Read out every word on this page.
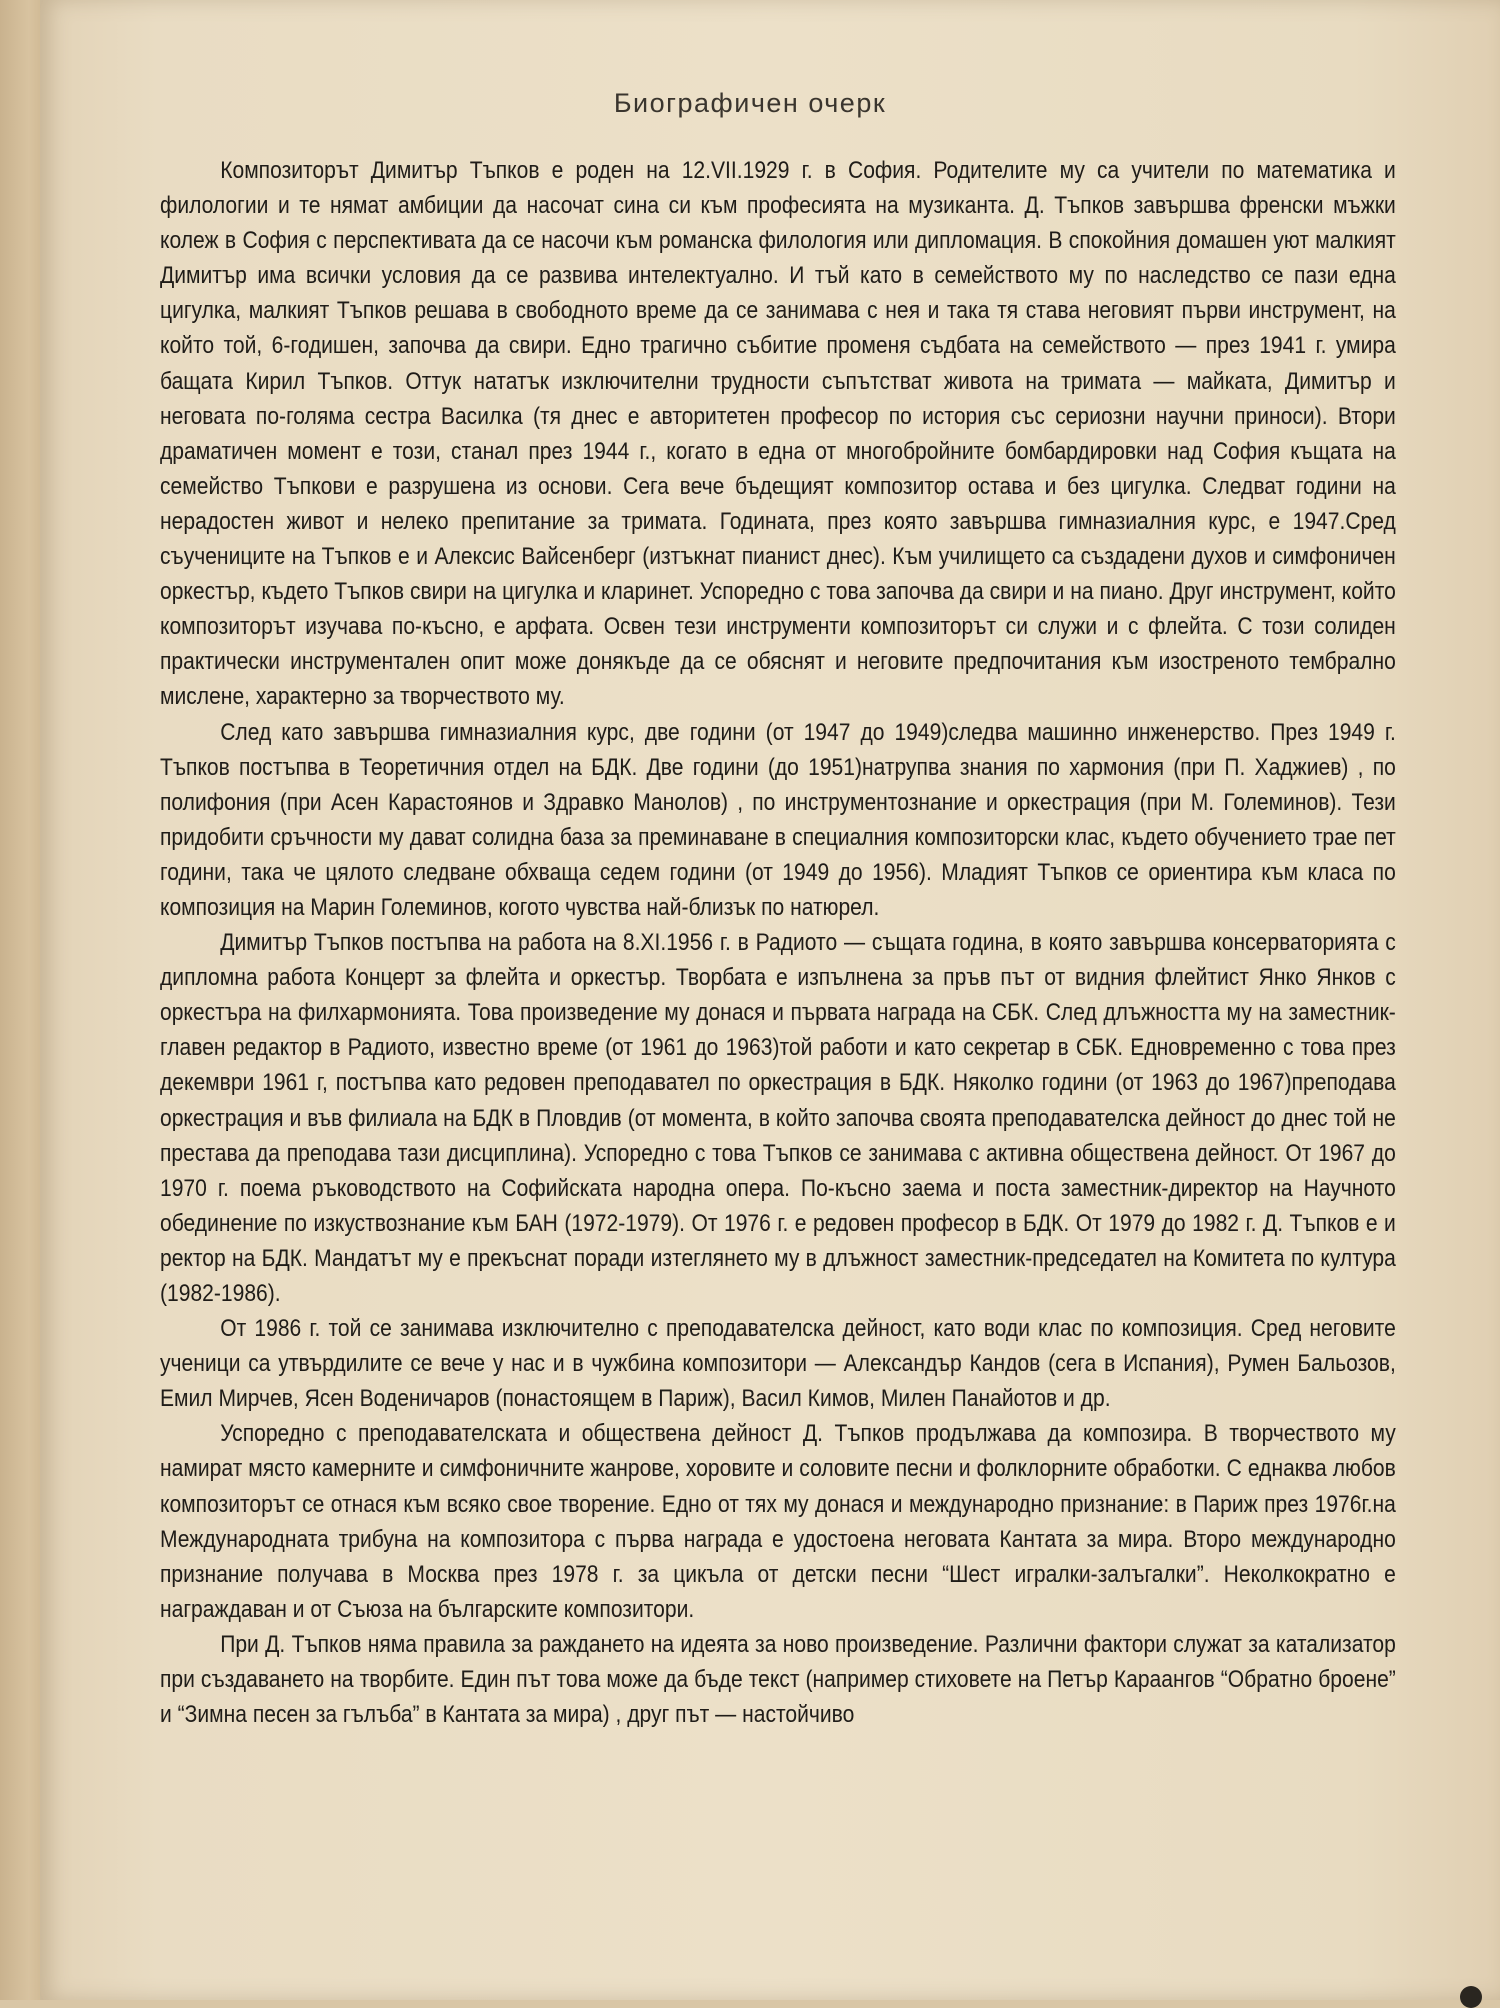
Биографичен очерк

Композиторът Димитър Тъпков е роден на 12.VII.1929 г. в София. Родителите му са учители по математика и филологии и те нямат амбиции да насочат сина си към професията на музиканта. Д. Тъпков завършва френски мъжки колеж в София с перспективата да се насочи към романска филология или дипломация. В спокойния домашен уют малкият Димитър има всички условия да се развива интелектуално. И тъй като в семейството му по наследство се пази една цигулка, малкият Тъпков решава в свободното време да се занимава с нея и така тя става неговият първи инструмент, на който той, 6-годишен, започва да свири. Едно трагично събитие променя съдбата на семейството — през 1941 г. умира бащата Кирил Тъпков. Оттук нататък изключителни трудности съпътстват живота на тримата — майката, Димитър и неговата по-голяма сестра Василка (тя днес е авторитетен професор по история със сериозни научни приноси). Втори драматичен момент е този, станал през 1944 г., когато в една от многобройните бомбардировки над София къщата на семейство Тъпкови е разрушена из основи. Сега вече бъдещият композитор остава и без цигулка. Следват години на нерадостен живот и нелеко препитание за тримата. Годината, през която завършва гимназиалния курс, е 1947.Сред съучениците на Тъпков е и Алексис Вайсенберг (изтъкнат пианист днес). Към училището са създадени духов и симфоничен оркестър, където Тъпков свири на цигулка и кларинет. Успоредно с това започва да свири и на пиано. Друг инструмент, който композиторът изучава по-късно, е арфата. Освен тези инструменти композиторът си служи и с флейта. С този солиден практически инструментален опит може донякъде да се обяснят и неговите предпочитания към изостреното тембрално мислене, характерно за творчеството му.

След като завършва гимназиалния курс, две години (от 1947 до 1949)следва машинно инженерство. През 1949 г. Тъпков постъпва в Теоретичния отдел на БДК. Две години (до 1951)натрупва знания по хармония (при П. Хаджиев) , по полифония (при Асен Карастоянов и Здравко Манолов) , по инструментознание и оркестрация (при М. Големинов). Тези придобити сръчности му дават солидна база за преминаване в специалния композиторски клас, където обучението трае пет години, така че цялото следване обхваща седем години (от 1949 до 1956). Младият Тъпков се ориентира към класа по композиция на Марин Големинов, когото чувства най-близък по натюрел.

Димитър Тъпков постъпва на работа на 8.XI.1956 г. в Радиото — същата година, в която завършва консерваторията с дипломна работа Концерт за флейта и оркестър. Творбата е изпълнена за пръв път от видния флейтист Янко Янков с оркестъра на филхармонията. Това произведение му донася и първата награда на СБК. След длъжността му на заместник-главен редактор в Радиото, известно време (от 1961 до 1963)той работи и като секретар в СБК. Едновременно с това през декември 1961 г, постъпва като редовен преподавател по оркестрация в БДК. Няколко години (от 1963 до 1967)преподава оркестрация и във филиала на БДК в Пловдив (от момента, в който започва своята преподавателска дейност до днес той не престава да преподава тази дисциплина). Успоредно с това Тъпков се занимава с активна обществена дейност. От 1967 до 1970 г. поема ръководството на Софийската народна опера. По-късно заема и поста заместник-директор на Научното обединение по изкуствознание към БАН (1972-1979). От 1976 г. е редовен професор в БДК. От 1979 до 1982 г. Д. Тъпков е и ректор на БДК. Мандатът му е прекъснат поради изтеглянето му в длъжност заместник-председател на Комитета по култура (1982-1986).

От 1986 г. той се занимава изключително с преподавателска дейност, като води клас по композиция. Сред неговите ученици са утвърдилите се вече у нас и в чужбина композитори — Александър Кандов (сега в Испания), Румен Бальозов, Емил Мирчев, Ясен Воденичаров (понастоящем в Париж), Васил Кимов, Милен Панайотов и др.

Успоредно с преподавателската и обществена дейност Д. Тъпков продължава да композира. В творчеството му намират място камерните и симфоничните жанрове, хоровите и соловите песни и фолклорните обработки. С еднаква любов композиторът се отнася към всяко свое творение. Едно от тях му донася и международно признание: в Париж през 1976г.на Международната трибуна на композитора с първа награда е удостоена неговата Кантата за мира. Второ международно признание получава в Москва през 1978 г. за цикъла от детски песни “Шест игралки-залъгалки”. Неколкократно е награждаван и от Съюза на българските композитори.

При Д. Тъпков няма правила за раждането на идеята за ново произведение. Различни фактори служат за катализатор при създаването на творбите. Един път това може да бъде текст (например стиховете на Петър Караангов “Обратно броене” и “Зимна песен за гълъба” в Кантата за мира) , друг път — настойчиво
